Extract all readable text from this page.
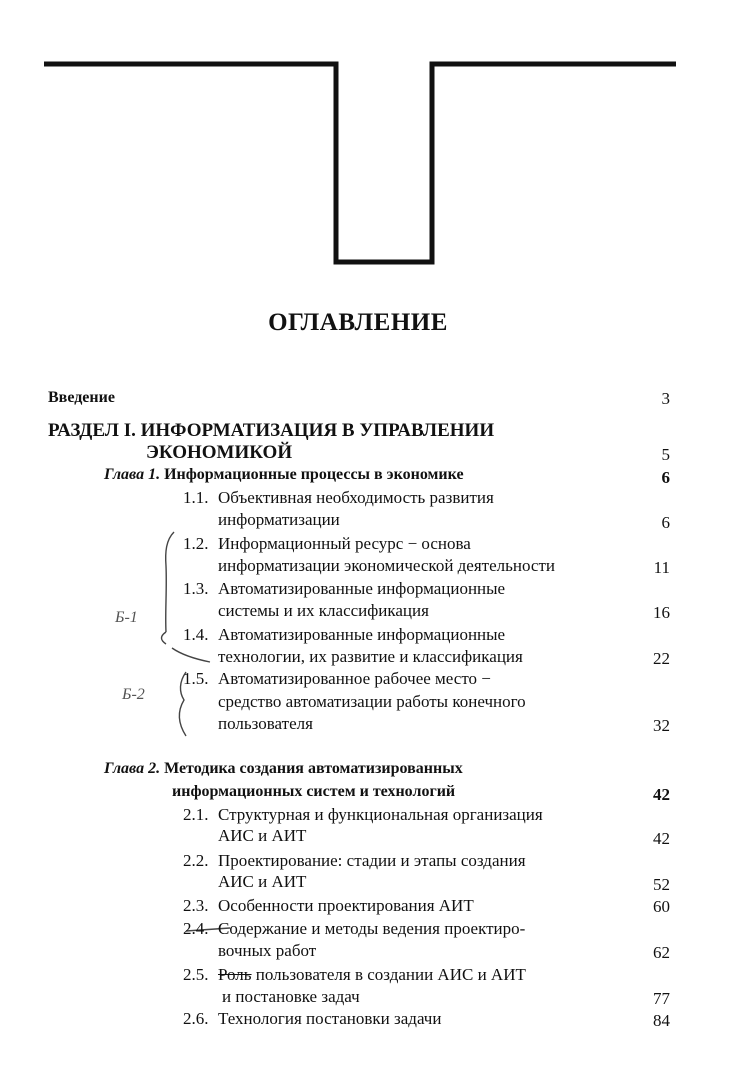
ОГЛАВЛЕНИЕ
Введение	3
РАЗДЕЛ I. ИНФОРМАТИЗАЦИЯ В УПРАВЛЕНИИ
ЭКОНОМИКОЙ	5
Глава 1. Информационные процессы в экономике	6
1.1. Объективная необходимость развития
информатизации	6
1.2. Информационный ресурс − основа
информатизации экономической деятельности	11
1.3. Автоматизированные информационные
системы и их классификация	16
1.4. Автоматизированные информационные
технологии, их развитие и классификация	22
1.5. Автоматизированное рабочее место −
средство автоматизации работы конечного
пользователя	32
Глава 2. Методика создания автоматизированных
информационных систем и технологий	42
2.1. Структурная и функциональная организация
АИС и АИТ	42
2.2. Проектирование: стадии и этапы создания
АИС и АИТ	52
2.3. Особенности проектирования АИТ	60
2.4. Содержание и методы ведения проектиро-
вочных работ	62
2.5. Роль пользователя в создании АИС и АИТ
и постановке задач	77
2.6. Технология постановки задачи	84
Б-1
Б-2
